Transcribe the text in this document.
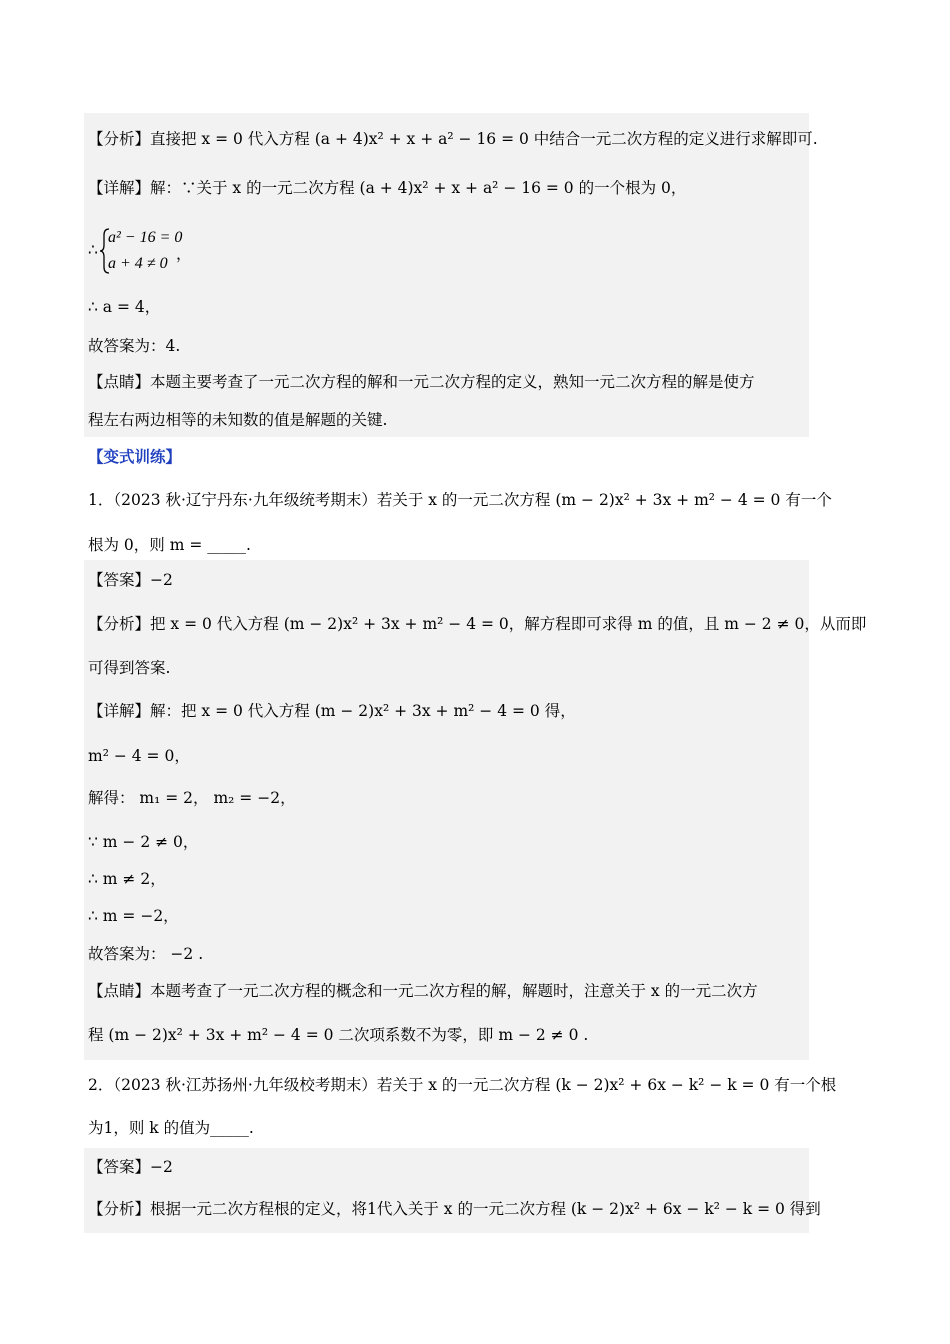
【分析】直接把 x = 0 代入方程 (a + 4)x² + x + a² − 16 = 0 中结合一元二次方程的定义进行求解即可.
【详解】解：∵关于 x 的一元二次方程 (a + 4)x² + x + a² − 16 = 0 的一个根为 0，
∴
a² − 16 = 0
a + 4 ≠ 0
，
∴ a = 4，
故答案为：4.
【点睛】本题主要考查了一元二次方程的解和一元二次方程的定义，熟知一元二次方程的解是使方
程左右两边相等的未知数的值是解题的关键.
【变式训练】
1．（2023 秋·辽宁丹东·九年级统考期末）若关于 x 的一元二次方程 (m − 2)x² + 3x + m² − 4 = 0 有一个
根为 0，则 m = _____.
【答案】−2
【分析】把 x = 0 代入方程 (m − 2)x² + 3x + m² − 4 = 0，解方程即可求得 m 的值，且 m − 2 ≠ 0，从而即
可得到答案.
【详解】解：把 x = 0 代入方程 (m − 2)x² + 3x + m² − 4 = 0 得，
m² − 4 = 0，
解得： m₁ = 2， m₂ = −2，
∵ m − 2 ≠ 0，
∴ m ≠ 2，
∴ m = −2，
故答案为： −2 .
【点睛】本题考查了一元二次方程的概念和一元二次方程的解，解题时，注意关于 x 的一元二次方
程 (m − 2)x² + 3x + m² − 4 = 0 二次项系数不为零，即 m − 2 ≠ 0 .
2．（2023 秋·江苏扬州·九年级校考期末）若关于 x 的一元二次方程 (k − 2)x² + 6x − k² − k = 0 有一个根
为1，则 k 的值为_____.
【答案】−2
【分析】根据一元二次方程根的定义，将1代入关于 x 的一元二次方程 (k − 2)x² + 6x − k² − k = 0 得到
